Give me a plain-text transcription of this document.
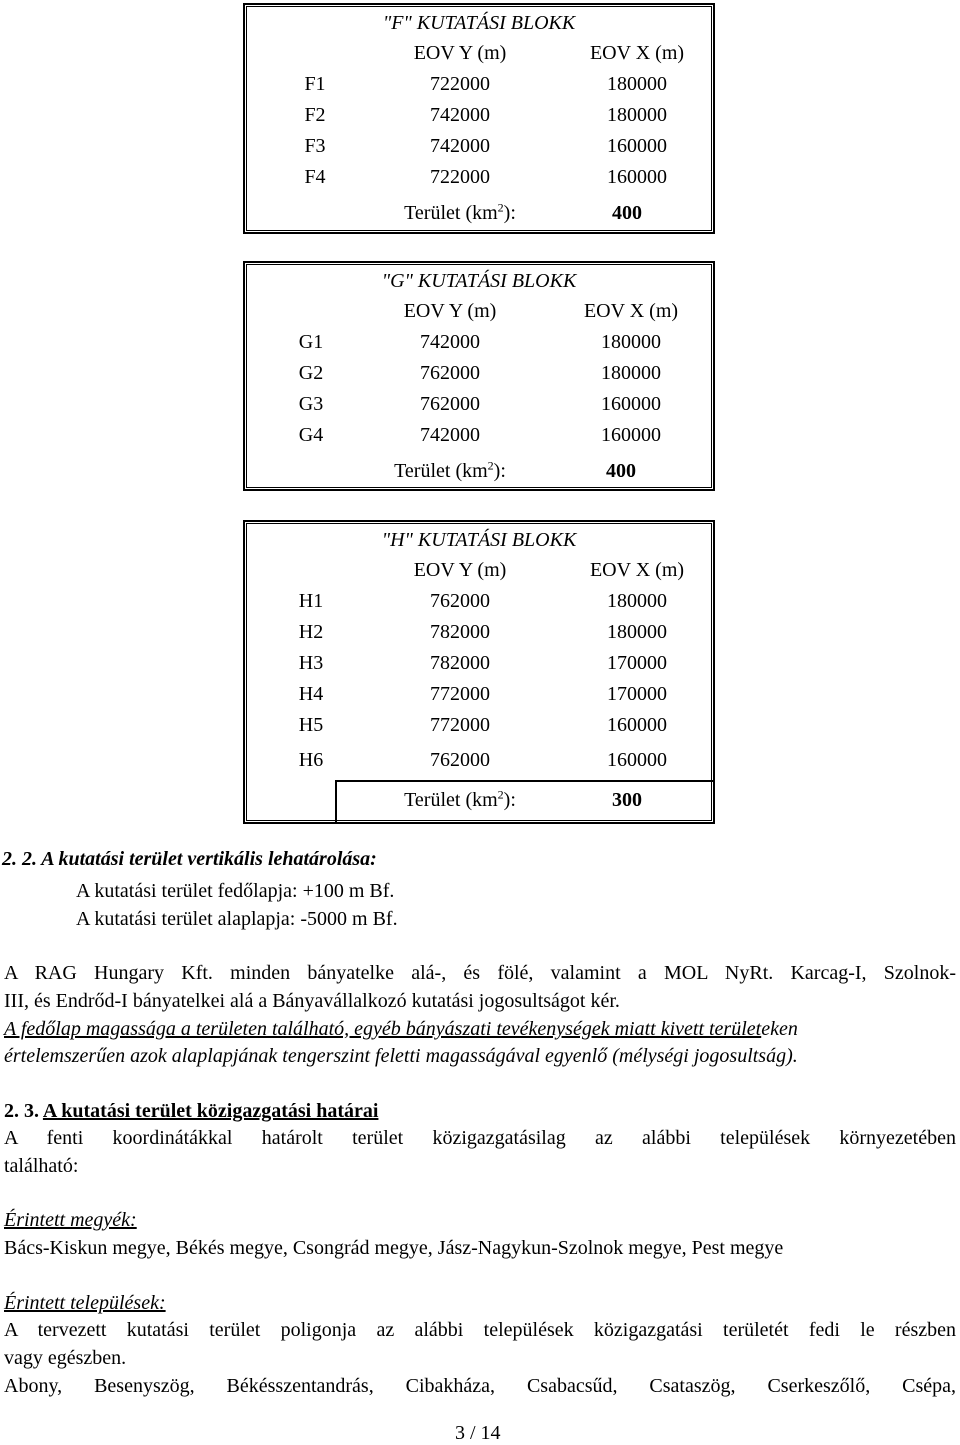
"F" KUTATÁSI BLOKK
EOV Y (m)	EOV X (m)
F1	722000	180000
F2	742000	180000
F3	742000	160000
F4	722000	160000
Terület $(km^2)$:	400
"G" KUTATÁSI BLOKK
EOV Y (m)	EOV X (m)
G1	742000	180000
G2	762000	180000
G3	762000	160000
G4	742000	160000
Terület $(km^2)$:	400
"H" KUTATÁSI BLOKK
EOV Y (m)	EOV X (m)
H1	762000	180000
H2	782000	180000
H3	782000	170000
H4	772000	170000
H5	772000	160000
H6	762000	160000
Terület $(km^2)$:	300
2. 2. A kutatási terület vertikális lehatárolása:
A kutatási terület fedőlapja: +100 m Bf.
A kutatási terület alaplapja: -5000 m Bf.
A RAG Hungary Kft. minden bányatelke alá-, és fölé, valamint a MOL NyRt. Karcag-I, Szolnok-
III, és Endrőd-I bányatelkei alá a Bányavállalkozó kutatási jogosultságot kér.
A fedőlap magassága a területen található, egyéb bányászati tevékenységek miatt kivett területeken
értelemszerűen azok alaplapjának tengerszint feletti magasságával egyenlő (mélységi jogosultság).
2. 3. A kutatási terület közigazgatási határai
A fenti koordinátákkal határolt terület közigazgatásilag az alábbi települések környezetében
található:
Érintett megyék:
Bács-Kiskun megye, Békés megye, Csongrád megye, Jász-Nagykun-Szolnok megye, Pest megye
Érintett települések:
A tervezett kutatási terület poligonja az alábbi települések közigazgatási területét fedi le részben
vagy egészben.
Abony, Besenyszög, Békésszentandrás, Cibakháza, Csabacsűd, Csataszög, Cserkeszőlő, Csépa,
3 / 14
